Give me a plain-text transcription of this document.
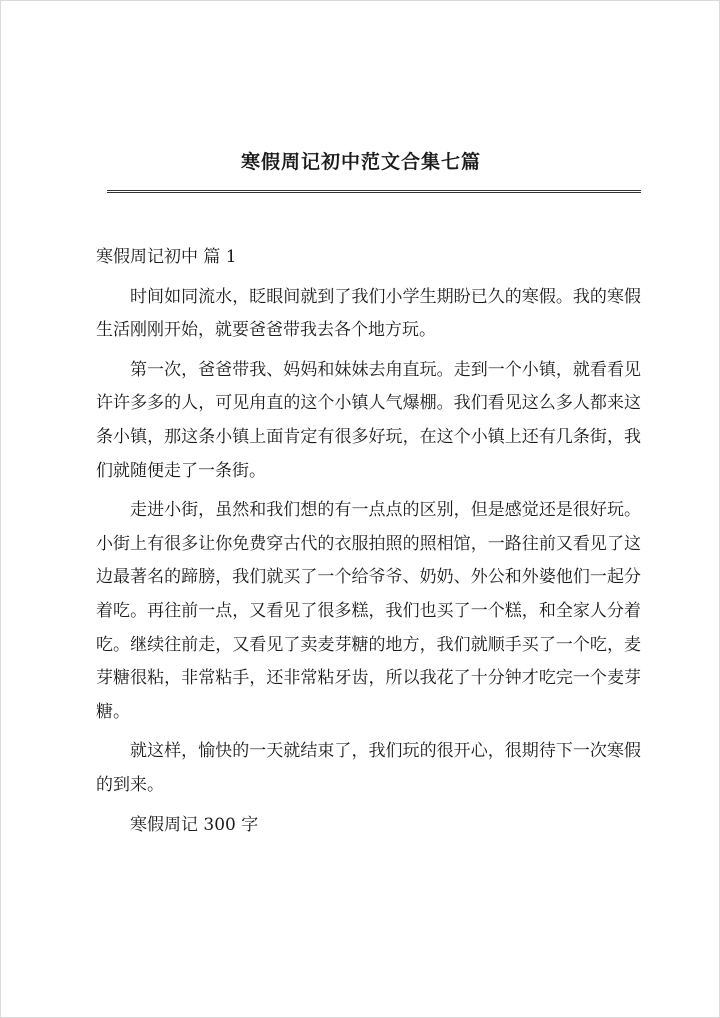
寒假周记初中范文合集七篇

寒假周记初中 篇 1

时间如同流水，眨眼间就到了我们小学生期盼已久的寒假。我的寒假生活刚刚开始，就要爸爸带我去各个地方玩。

第一次，爸爸带我、妈妈和妹妹去甪直玩。走到一个小镇，就看看见许许多多的人，可见甪直的这个小镇人气爆棚。我们看见这么多人都来这条小镇，那这条小镇上面肯定有很多好玩，在这个小镇上还有几条街，我们就随便走了一条街。

走进小街，虽然和我们想的有一点点的区别，但是感觉还是很好玩。小街上有很多让你免费穿古代的衣服拍照的照相馆，一路往前又看见了这边最著名的蹄膀，我们就买了一个给爷爷、奶奶、外公和外婆他们一起分着吃。再往前一点，又看见了很多糕，我们也买了一个糕，和全家人分着吃。继续往前走，又看见了卖麦芽糖的地方，我们就顺手买了一个吃，麦芽糖很粘，非常粘手，还非常粘牙齿，所以我花了十分钟才吃完一个麦芽糖。

就这样，愉快的一天就结束了，我们玩的很开心，很期待下一次寒假的到来。

寒假周记 300 字
